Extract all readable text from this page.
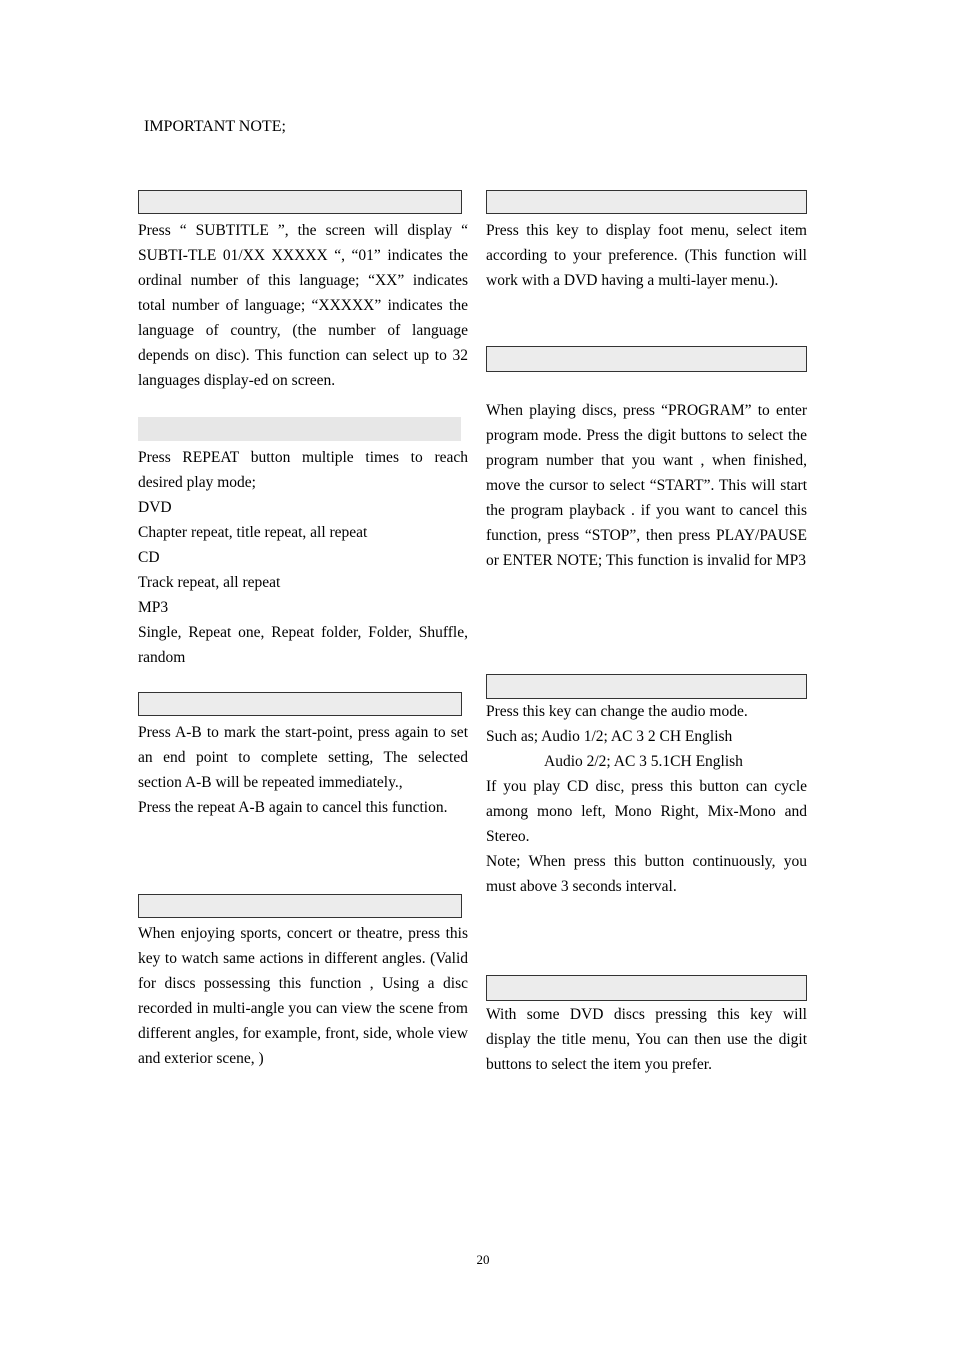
IMPORTANT NOTE;

Press “ SUBTITLE ”, the screen will display “ SUBTI-TLE 01/XX XXXXX “, “01” indicates the ordinal number of this language; “XX” indicates total number of language; “XXXXX” indicates the language of country, (the number of language depends on disc). This function can select up to 32 languages display-ed on screen.

Press REPEAT button multiple times to reach desired play mode;

DVD

Chapter repeat, title repeat, all repeat

CD

Track repeat, all repeat

MP3

Single, Repeat one, Repeat folder, Folder, Shuffle, random

Press A-B to mark the start-point, press again to set an end point to complete setting, The selected section A-B will be repeated immediately.,

Press the repeat A-B again to cancel this function.

When enjoying sports, concert or theatre, press this key to watch same actions in different angles. (Valid for discs possessing this function , Using a disc recorded in multi-angle you can view the scene from different angles, for example, front, side, whole view and exterior scene, )

Press this key to display foot menu, select item according to your preference. (This function will work with a DVD having a multi-layer menu.).

When playing discs, press “PROGRAM” to enter program mode. Press the digit buttons to select the program number that you want , when finished, move the cursor to select “START”. This will start the program playback . if you want to cancel this function, press “STOP”, then press PLAY/PAUSE or ENTER NOTE; This function is invalid for MP3

Press this key can change the audio mode.

Such as; Audio 1/2; AC 3 2 CH English

Audio 2/2; AC 3 5.1CH English

If you play CD disc, press this button can cycle among mono left, Mono Right, Mix-Mono and Stereo.

Note; When press this button continuously, you must above 3 seconds interval.

With some DVD discs pressing this key will display the title menu, You can then use the digit buttons to select the item you prefer.

20
